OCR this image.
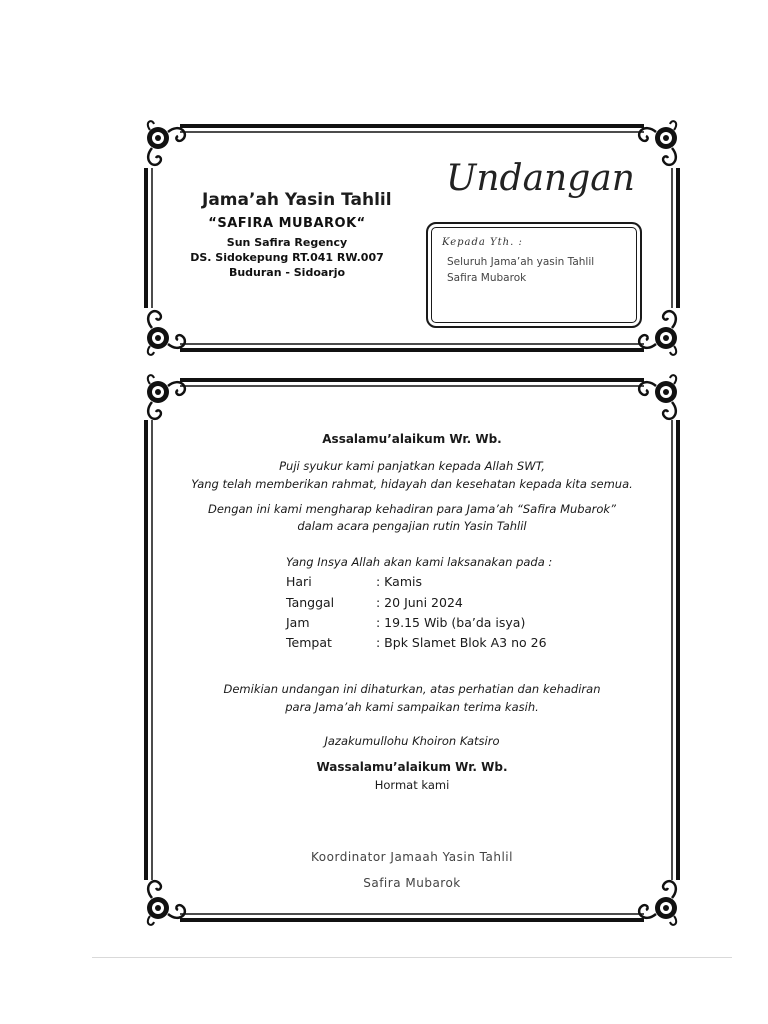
Jama’ah Yasin Tahlil
“SAFIRA MUBAROK“
Sun Safira Regency
DS. Sidokepung RT.041 RW.007
Buduran - Sidoarjo
Undangan
Kepada Yth. :
Seluruh Jama’ah yasin Tahlil
Safira Mubarok
Assalamu’alaikum Wr. Wb.
Puji syukur kami panjatkan kepada Allah SWT,
Yang telah memberikan rahmat, hidayah dan kesehatan kepada kita semua.
Dengan ini kami mengharap kehadiran para Jama’ah “Safira Mubarok”
dalam acara pengajian rutin Yasin Tahlil
Yang Insya Allah akan kami laksanakan pada :
Hari	: Kamis
Tanggal	: 20 Juni 2024
Jam	: 19.15 Wib (ba’da isya)
Tempat	: Bpk Slamet Blok A3 no 26
Demikian undangan ini dihaturkan, atas perhatian dan kehadiran
para Jama’ah kami sampaikan terima kasih.
Jazakumullohu Khoiron Katsiro
Wassalamu’alaikum Wr. Wb.
Hormat kami
Koordinator Jamaah Yasin Tahlil
Safira Mubarok
